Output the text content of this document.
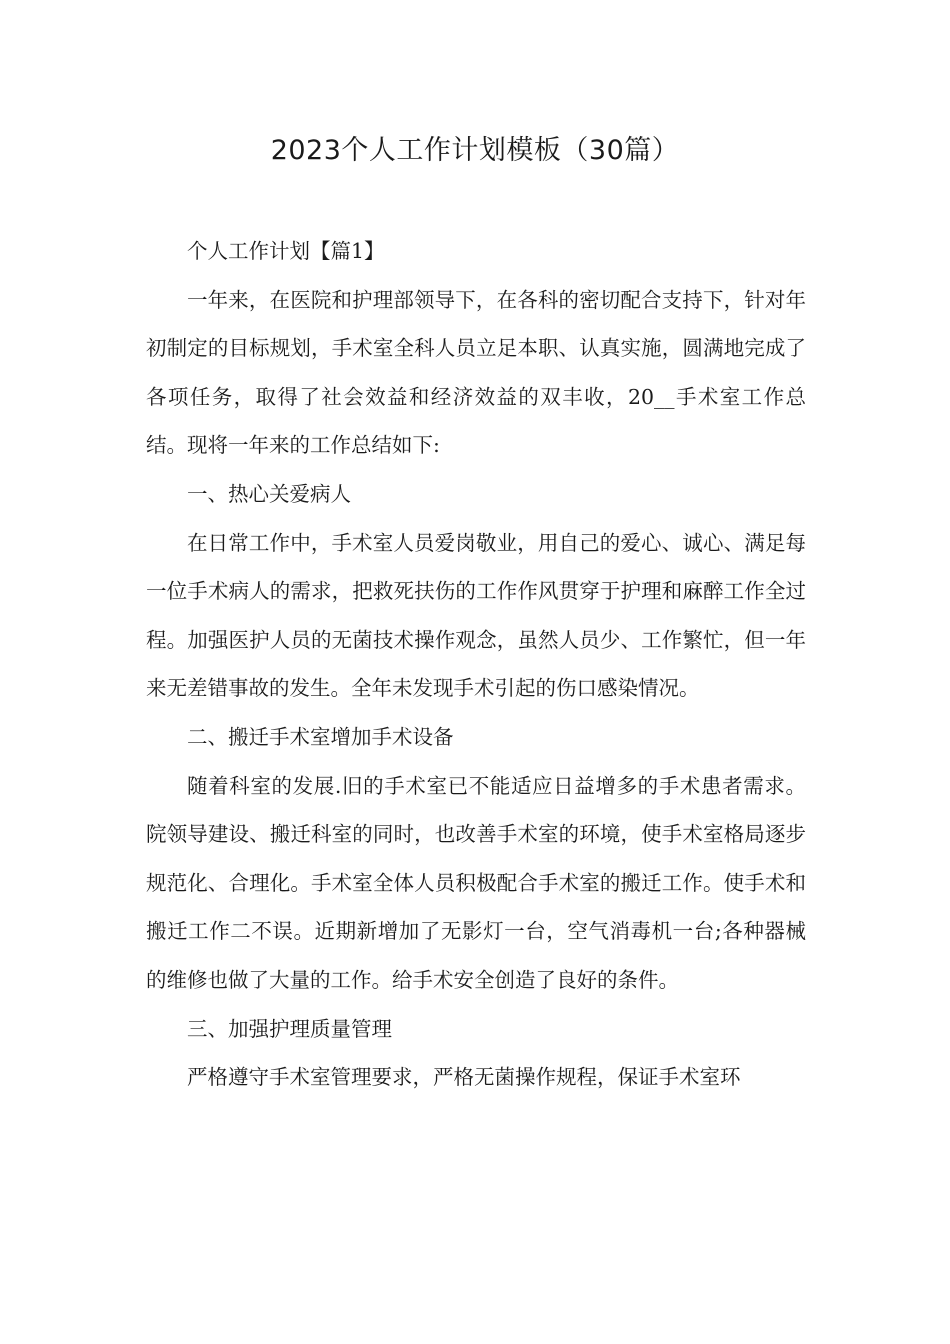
2023个人工作计划模板（30篇）

个人工作计划【篇1】

一年来，在医院和护理部领导下，在各科的密切配合支持下，针对年初制定的目标规划，手术室全科人员立足本职、认真实施，圆满地完成了各项任务，取得了社会效益和经济效益的双丰收，20__手术室工作总结。现将一年来的工作总结如下:

一、热心关爱病人

在日常工作中，手术室人员爱岗敬业，用自己的爱心、诚心、满足每一位手术病人的需求，把救死扶伤的工作作风贯穿于护理和麻醉工作全过程。加强医护人员的无菌技术操作观念，虽然人员少、工作繁忙，但一年来无差错事故的发生。全年未发现手术引起的伤口感染情况。

二、搬迁手术室增加手术设备

随着科室的发展.旧的手术室已不能适应日益增多的手术患者需求。院领导建设、搬迁科室的同时，也改善手术室的环境，使手术室格局逐步规范化、合理化。手术室全体人员积极配合手术室的搬迁工作。使手术和搬迁工作二不误。近期新增加了无影灯一台，空气消毒机一台;各种器械的维修也做了大量的工作。给手术安全创造了良好的条件。

三、加强护理质量管理

严格遵守手术室管理要求，严格无菌操作规程，保证手术室环
